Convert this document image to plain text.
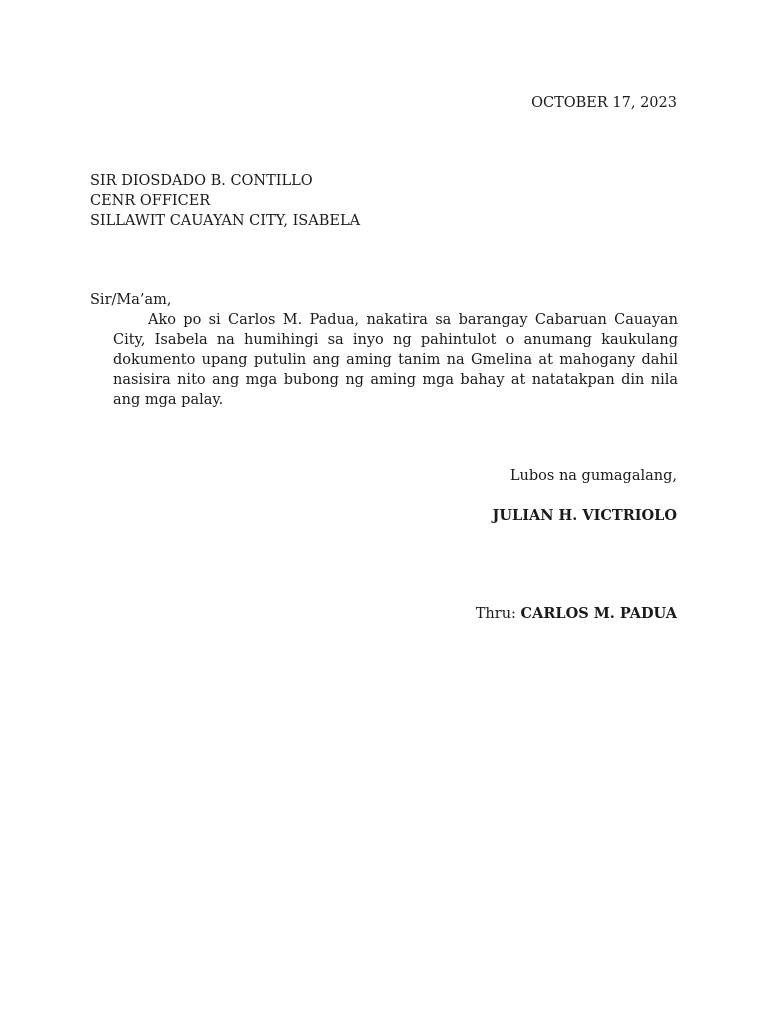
OCTOBER 17, 2023
SIR DIOSDADO B. CONTILLO
CENR OFFICER
SILLAWIT CAUAYAN CITY, ISABELA
Sir/Ma’am,

Ako po si Carlos M. Padua, nakatira sa barangay Cabaruan Cauayan City, Isabela na humihingi sa inyo ng pahintulot o anumang kaukulang dokumento upang putulin ang aming tanim na Gmelina at mahogany dahil nasisira nito ang mga bubong ng aming mga bahay at natatakpan din nila ang mga palay.

Lubos na gumagalang,
JULIAN H. VICTRIOLO
Thru: CARLOS M. PADUA
